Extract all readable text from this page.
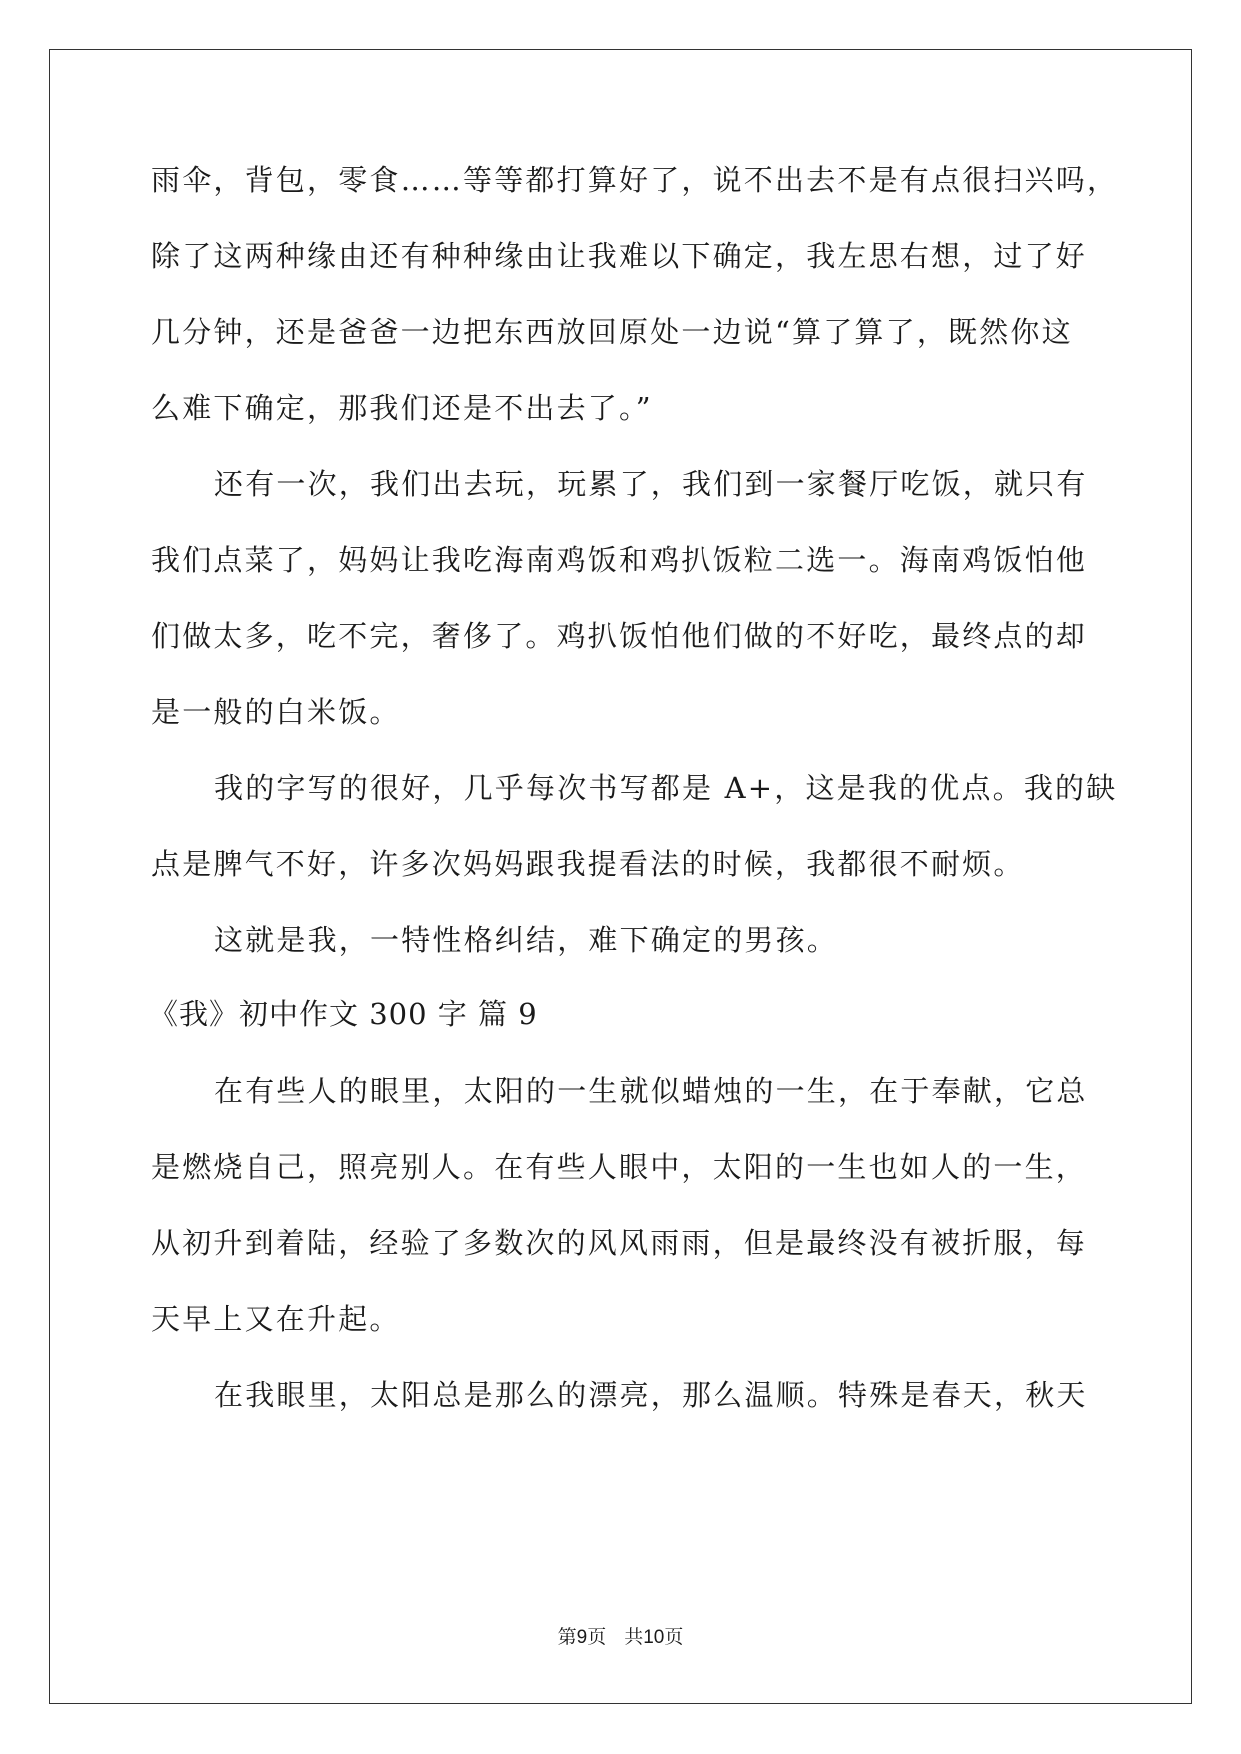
雨伞，背包，零食……等等都打算好了，说不出去不是有点很扫兴吗，
除了这两种缘由还有种种缘由让我难以下确定，我左思右想，过了好
几分钟，还是爸爸一边把东西放回原处一边说“算了算了，既然你这
么难下确定，那我们还是不出去了。”
还有一次，我们出去玩，玩累了，我们到一家餐厅吃饭，就只有
我们点菜了，妈妈让我吃海南鸡饭和鸡扒饭粒二选一。海南鸡饭怕他
们做太多，吃不完，奢侈了。鸡扒饭怕他们做的不好吃，最终点的却
是一般的白米饭。
我的字写的很好，几乎每次书写都是 A+，这是我的优点。我的缺
点是脾气不好，许多次妈妈跟我提看法的时候，我都很不耐烦。
这就是我，一特性格纠结，难下确定的男孩。
《我》初中作文 300 字 篇 9
在有些人的眼里，太阳的一生就似蜡烛的一生，在于奉献，它总
是燃烧自己，照亮别人。在有些人眼中，太阳的一生也如人的一生，
从初升到着陆，经验了多数次的风风雨雨，但是最终没有被折服，每
天早上又在升起。
在我眼里，太阳总是那么的漂亮，那么温顺。特殊是春天，秋天
第9页 共10页
